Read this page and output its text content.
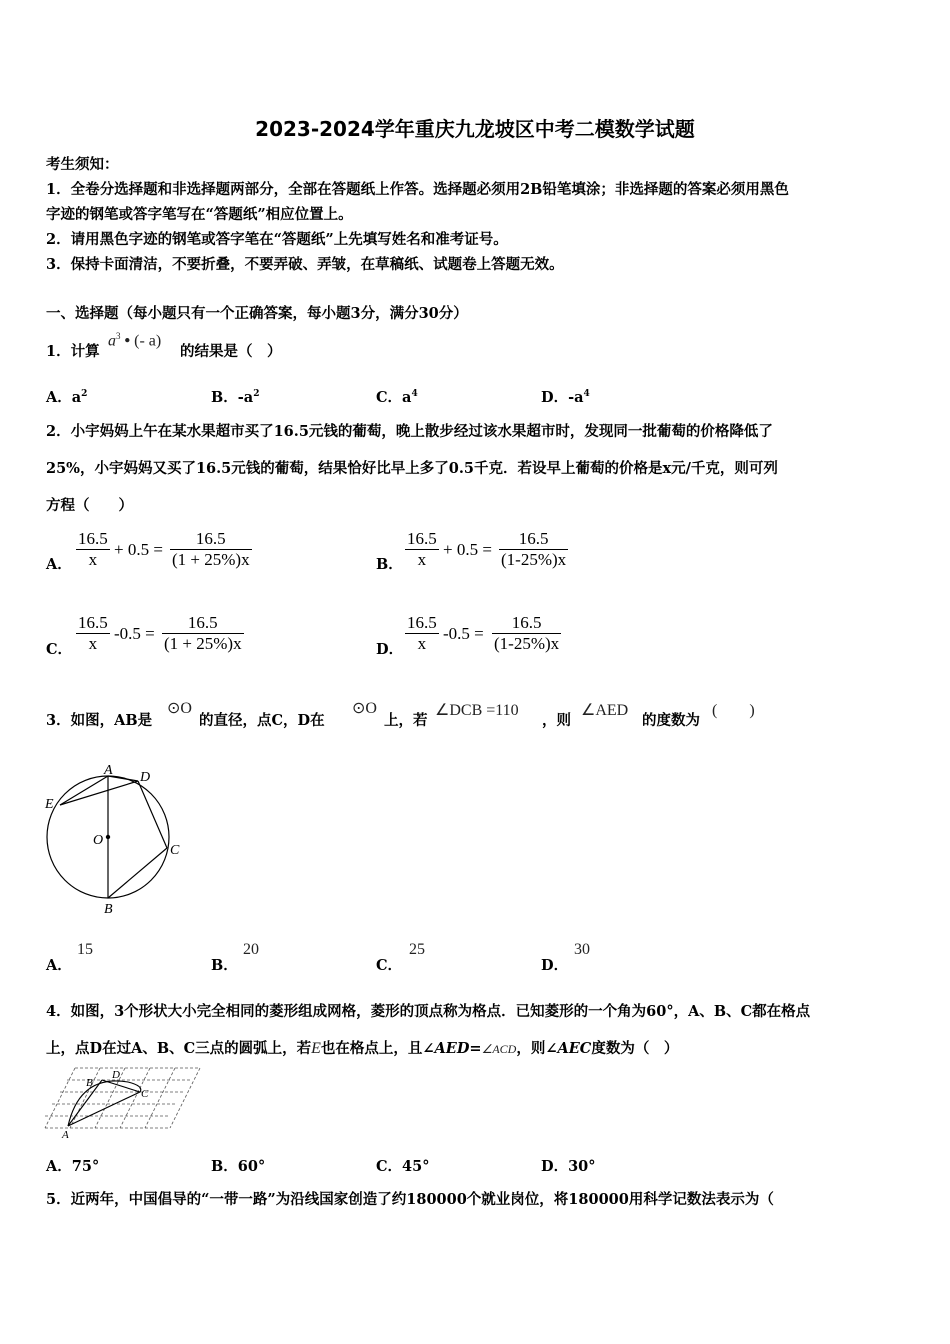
2023-2024学年重庆九龙坡区中考二模数学试题
考生须知：
1．全卷分选择题和非选择题两部分，全部在答题纸上作答。选择题必须用2B铅笔填涂；非选择题的答案必须用黑色
字迹的钢笔或答字笔写在“答题纸”相应位置上。
2．请用黑色字迹的钢笔或答字笔在“答题纸”上先填写姓名和准考证号。
3．保持卡面清洁，不要折叠，不要弄破、弄皱，在草稿纸、试题卷上答题无效。
一、选择题（每小题只有一个正确答案，每小题3分，满分30分）
1．计算
$a^3$ • (- a)
的结果是（　）
A．$a^2$	B．$-a^2$	C．$a^4$	D．$-a^4$
2．小宇妈妈上午在某水果超市买了16.5元钱的葡萄，晚上散步经过该水果超市时，发现同一批葡萄的价格降低了
25%，小宇妈妈又买了16.5元钱的葡萄，结果恰好比早上多了0.5千克．若设早上葡萄的价格是x元/千克，则可列
方程（　　）
A． $\frac{16.5}{x} + 0.5 = \frac{16.5}{(1 + 25\%)x}$	B． $\frac{16.5}{x} + 0.5 = \frac{16.5}{(1-25\%)x}$
C． $\frac{16.5}{x} -0.5 = \frac{16.5}{(1 + 25\%)x}$	D． $\frac{16.5}{x} -0.5 = \frac{16.5}{(1-25\%)x}$
3．如图，AB是
⊙O
的直径，点C，D在
⊙O
上，若
∠DCB =110
，则
∠AED
的度数为
(　　)
A D
E
O
C
B
A．
15
B．
20
C．
25
D．
30
4．如图，3个形状大小完全相同的菱形组成网格，菱形的顶点称为格点．已知菱形的一个角为60°，A、B、C都在格点
上，点D在过A、B、C三点的圆弧上，若E也在格点上，且∠AED=∠ACD，则∠AEC度数为（　）
B
D
C
A
A．75°	B．60°	C．45°	D．30°
5．近两年，中国倡导的“一带一路”为沿线国家创造了约180000个就业岗位，将180000用科学记数法表示为（
